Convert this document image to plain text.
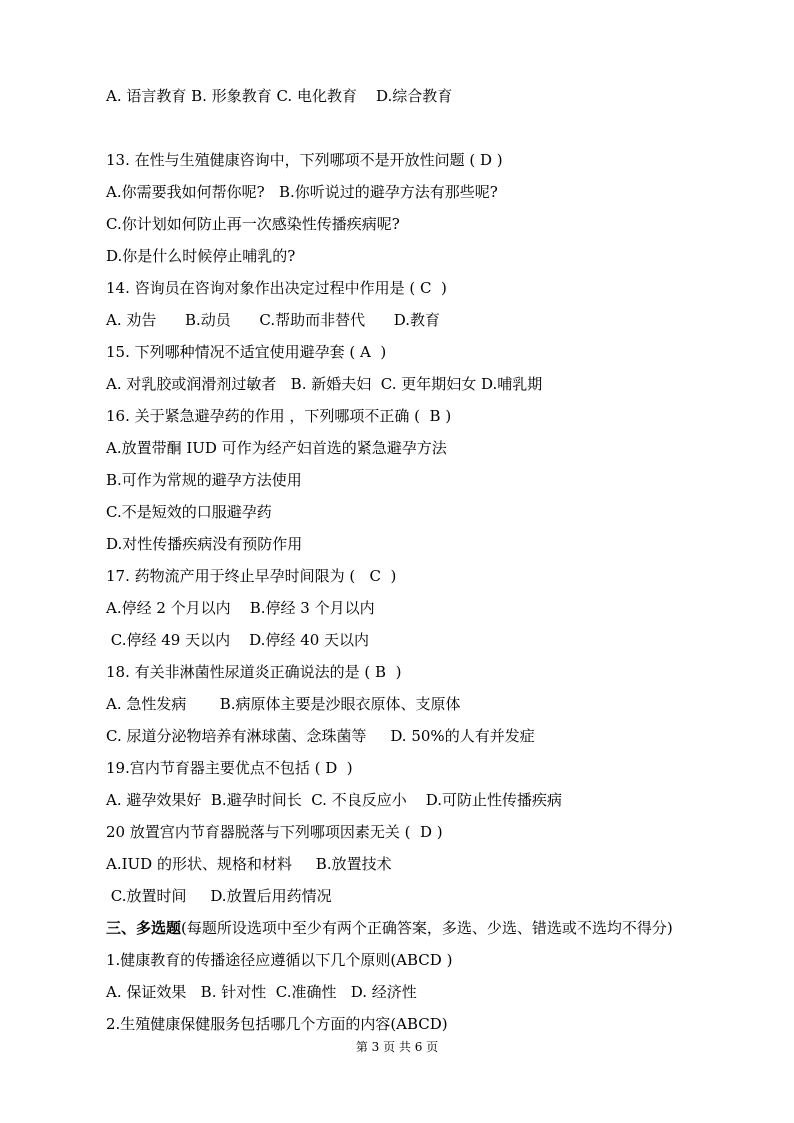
A. 语言教育 B. 形象教育 C. 电化教育    D.综合教育
13. 在性与生殖健康咨询中，下列哪项不是开放性问题 ( D )
A.你需要我如何帮你呢?   B.你听说过的避孕方法有那些呢?
C.你计划如何防止再一次感染性传播疾病呢?
D.你是什么时候停止哺乳的?
14. 咨询员在咨询对象作出决定过程中作用是 ( C  )
A. 劝告      B.动员      C.帮助而非替代      D.教育
15. 下列哪种情况不适宜使用避孕套 ( A  )
A. 对乳胶或润滑剂过敏者   B. 新婚夫妇  C. 更年期妇女 D.哺乳期
16. 关于紧急避孕药的作用 ，下列哪项不正确 (  B )
A.放置带酮 IUD 可作为经产妇首选的紧急避孕方法
B.可作为常规的避孕方法使用
C.不是短效的口服避孕药
D.对性传播疾病没有预防作用
17. 药物流产用于终止早孕时间限为 (   C  )
A.停经 2 个月以内    B.停经 3 个月以内
C.停经 49 天以内    D.停经 40 天以内
18. 有关非淋菌性尿道炎正确说法的是 ( B  )
A. 急性发病       B.病原体主要是沙眼衣原体、支原体
C. 尿道分泌物培养有淋球菌、念珠菌等     D. 50%的人有并发症
19.宫内节育器主要优点不包括 ( D  )
A. 避孕效果好  B.避孕时间长  C. 不良反应小    D.可防止性传播疾病
20 放置宫内节育器脱落与下列哪项因素无关 (  D )
A.IUD 的形状、规格和材料     B.放置技术
C.放置时间     D.放置后用药情况
三、多选题(每题所设选项中至少有两个正确答案，多选、少选、错选或不选均不得分)
1.健康教育的传播途径应遵循以下几个原则(ABCD )
A. 保证效果   B. 针对性  C.准确性   D. 经济性
2.生殖健康保健服务包括哪几个方面的内容(ABCD)
第 3 页 共 6 页
